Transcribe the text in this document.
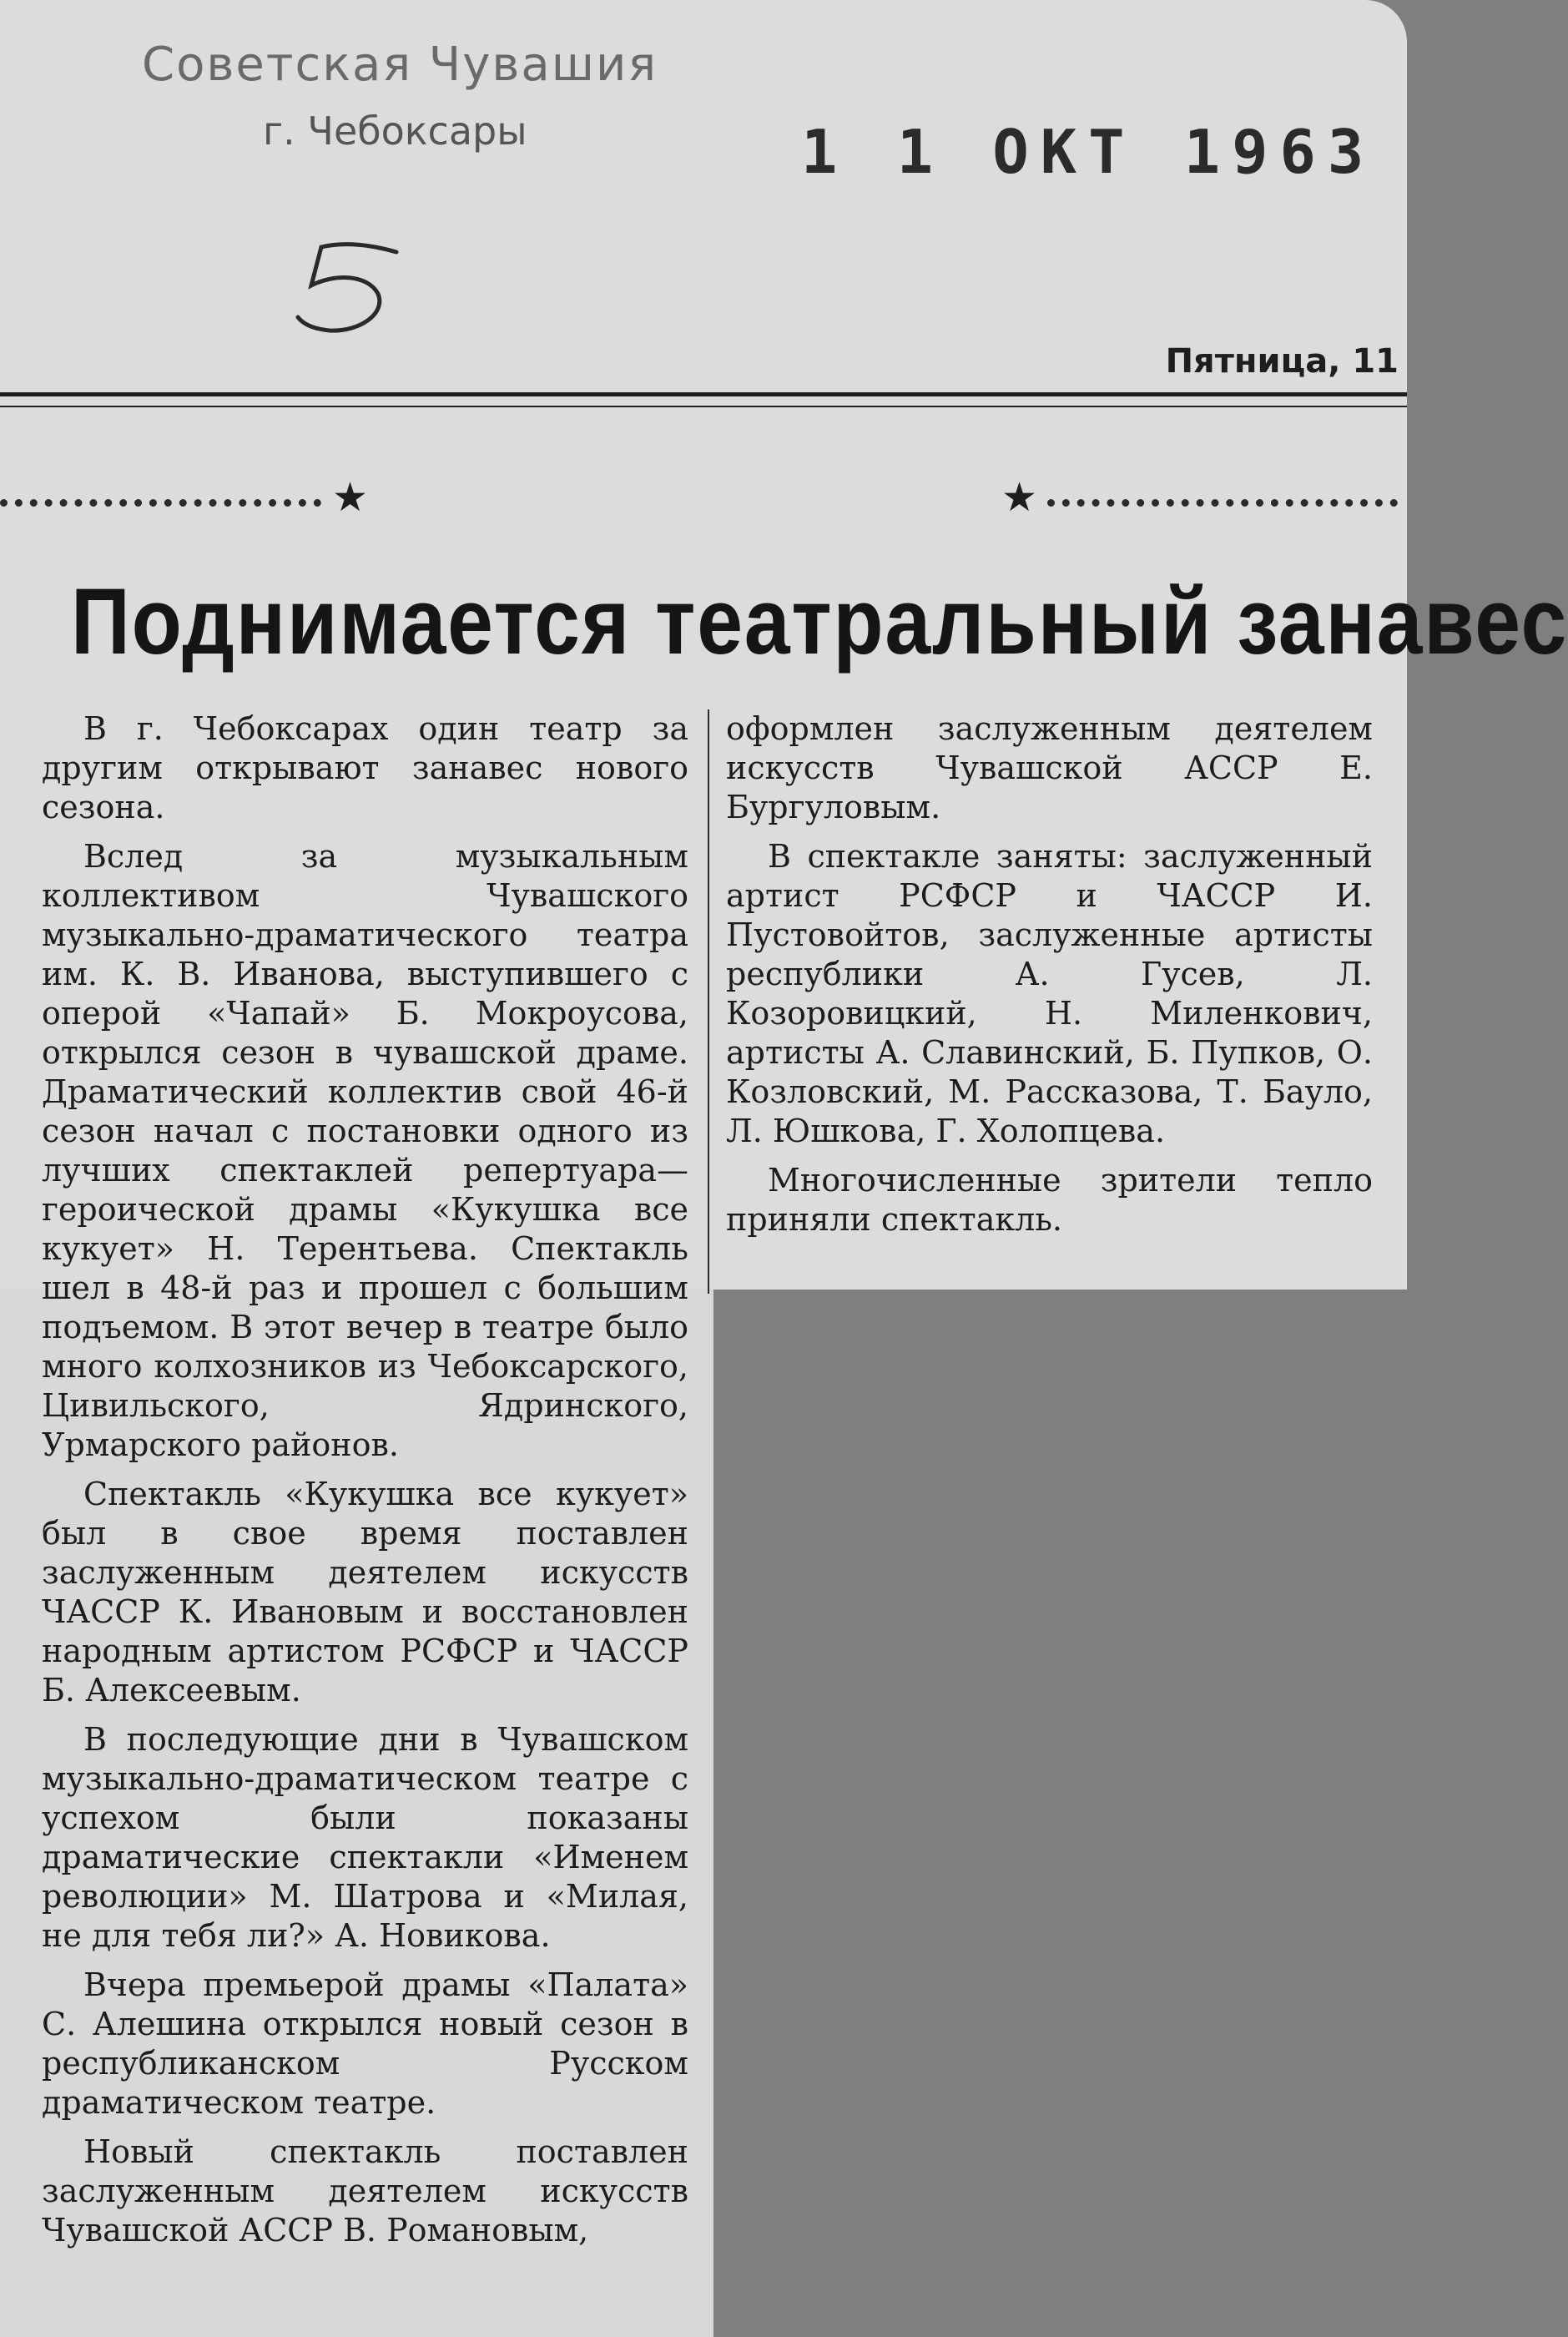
Советская Чувашия
г. Чебоксары	1 1 ОКТ 1963
Пятница, 11
★	★
Поднимается театральный занавес

В г. Чебоксарах один театр за другим открывают занавес нового сезона.

Вслед за музыкальным коллективом Чувашского музыкально-драматического театра им. К. В. Иванова, выступившего с оперой «Чапай» Б. Мокроусова, открылся сезон в чувашской драме. Драматический коллектив свой 46-й сезон начал с постановки одного из лучших спектаклей репертуара—героической драмы «Кукушка все кукует» Н. Терентьева. Спектакль шел в 48-й раз и прошел с большим подъемом. В этот вечер в театре было много колхозников из Чебоксарского, Цивильского, Ядринского, Урмарского районов.

Спектакль «Кукушка все кукует» был в свое время поставлен заслуженным деятелем искусств ЧАССР К. Ивановым и восстановлен народным артистом РСФСР и ЧАССР Б. Алексеевым.

В последующие дни в Чувашском музыкально-драматическом театре с успехом были показаны драматические спектакли «Именем революции» М. Шатрова и «Милая, не для тебя ли?» А. Новикова.

Вчера премьерой драмы «Палата» С. Алешина открылся новый сезон в республиканском Русском драматическом театре.

Новый спектакль поставлен заслуженным деятелем искусств Чувашской АССР В. Романовым,

оформлен заслуженным деятелем искусств Чувашской АССР Е. Бургуловым.

В спектакле заняты: заслуженный артист РСФСР и ЧАССР И. Пустовойтов, заслуженные артисты республики А. Гусев, Л. Козоровицкий, Н. Миленкович, артисты А. Славинский, Б. Пупков, О. Козловский, М. Рассказова, Т. Бауло, Л. Юшкова, Г. Холопцева.

Многочисленные зрители тепло приняли спектакль.
